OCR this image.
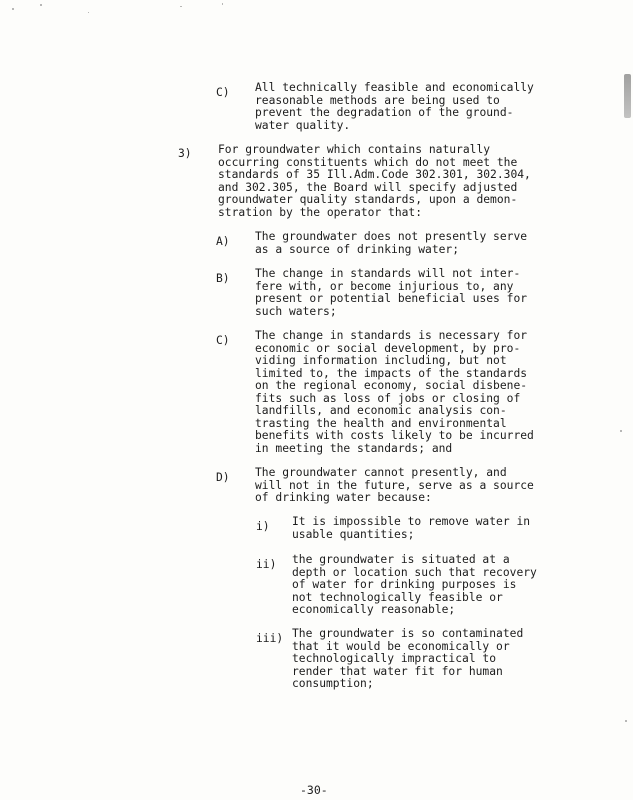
C) All technically feasible and economically
reasonable methods are being used to
prevent the degradation of the ground-
water quality.
3) For groundwater which contains naturally
occurring constituents which do not meet the
standards of 35 Ill.Adm.Code 302.301, 302.304,
and 302.305, the Board will specify adjusted
groundwater quality standards, upon a demon-
stration by the operator that:
A) The groundwater does not presently serve
as a source of drinking water;
B) The change in standards will not inter-
fere with, or become injurious to, any
present or potential beneficial uses for
such waters;
C) The change in standards is necessary for
economic or social development, by pro-
viding information including, but not
limited to, the impacts of the standards
on the regional economy, social disbene-
fits such as loss of jobs or closing of
landfills, and economic analysis con-
trasting the health and environmental
benefits with costs likely to be incurred
in meeting the standards; and
D) The groundwater cannot presently, and
will not in the future, serve as a source
of drinking water because:
i) It is impossible to remove water in
usable quantities;
ii) the groundwater is situated at a
depth or location such that recovery
of water for drinking purposes is
not technologically feasible or
economically reasonable;
iii) The groundwater is so contaminated
that it would be economically or
technologically impractical to
render that water fit for human
consumption;
-30-
